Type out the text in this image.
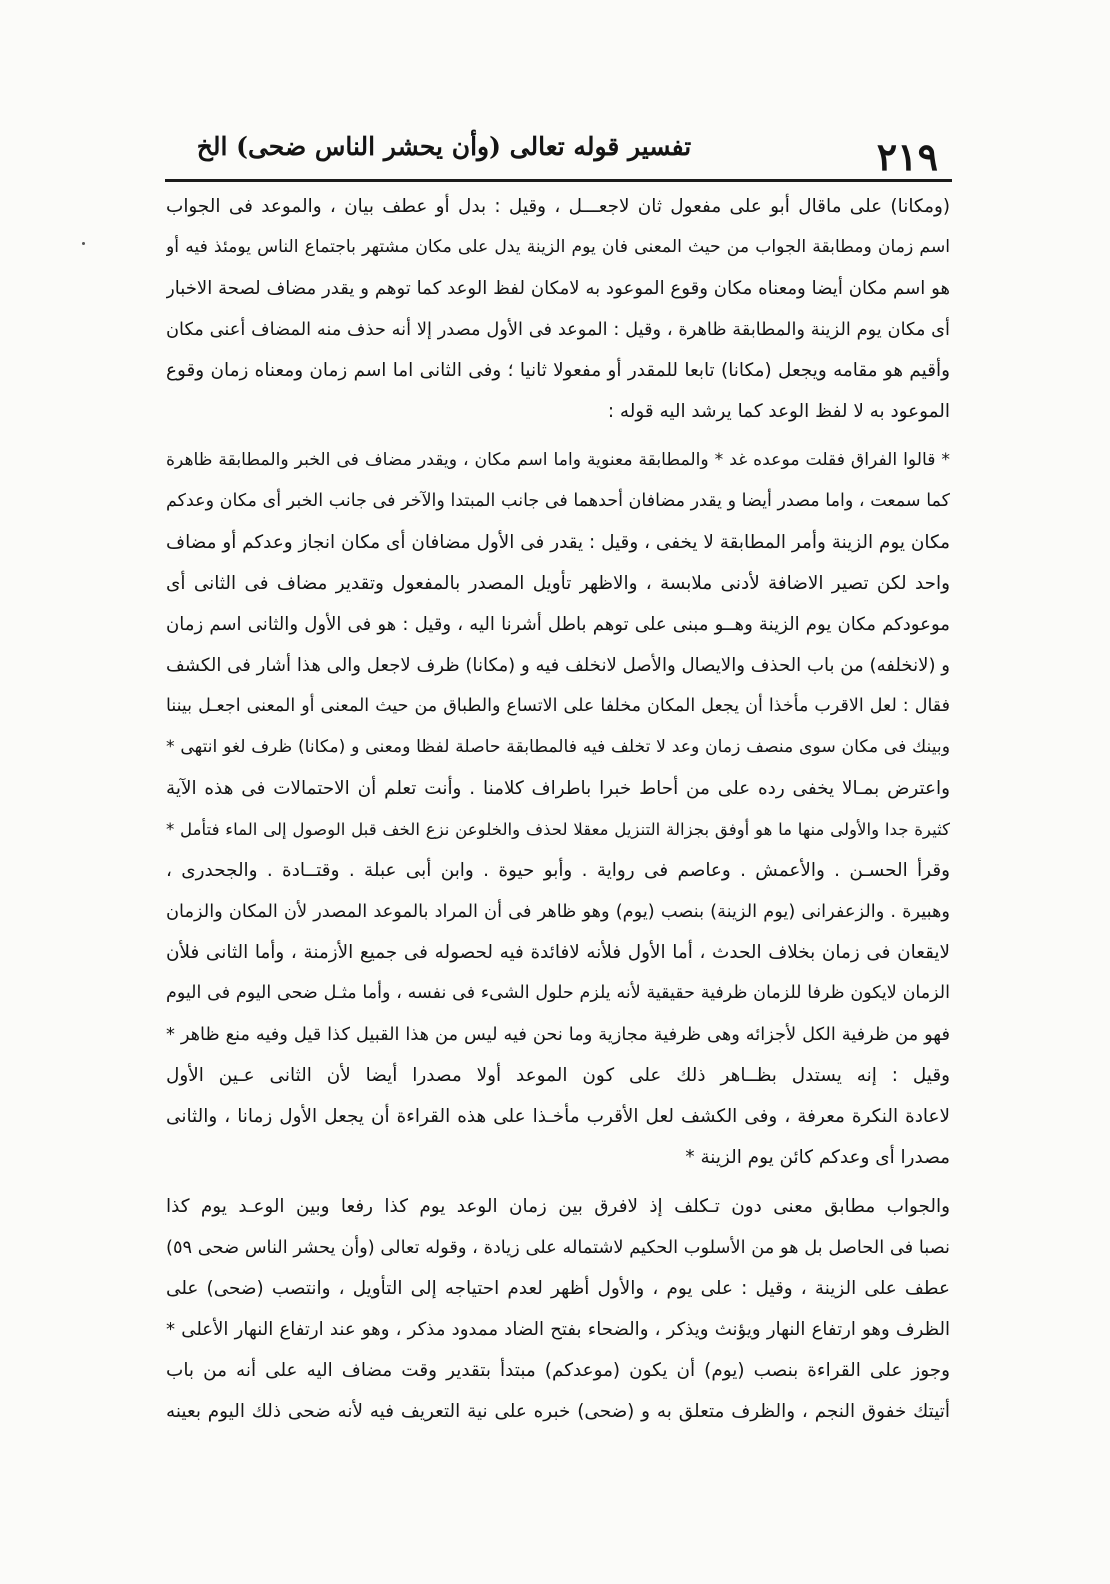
٢١٩
تفسير قوله تعالى (وأن يحشر الناس ضحى) الخ
(ومكانا) على ماقال أبو على مفعول ثان لاجعـــل ، وقيل : بدل أو عطف بيان ، والموعد فى الجواب
اسم زمان ومطابقة الجواب من حيث المعنى فان يوم الزينة يدل على مكان مشتهر باجتماع الناس يومئذ فيه أو
هو اسم مكان أيضا ومعناه مكان وقوع الموعود به لامكان لفظ الوعد كما توهم و يقدر مضاف لصحة الاخبار
أى مكان يوم الزينة والمطابقة ظاهرة ، وقيل : الموعد فى الأول مصدر إلا أنه حذف منه المضاف أعنى مكان
وأقيم هو مقامه ويجعل (مكانا) تابعا للمقدر أو مفعولا ثانيا ؛ وفى الثانى اما اسم زمان ومعناه زمان وقوع
الموعود به لا لفظ الوعد كما يرشد اليه قوله :
* قالوا الفراق فقلت موعده غد * والمطابقة معنوية واما اسم مكان ، ويقدر مضاف فى الخبر والمطابقة ظاهرة
كما سمعت ، واما مصدر أيضا و يقدر مضافان أحدهما فى جانب المبتدا والآخر فى جانب الخبر أى مكان وعدكم
مكان يوم الزينة وأمر المطابقة لا يخفى ، وقيل : يقدر فى الأول مضافان أى مكان انجاز وعدكم أو مضاف
واحد لكن تصير الاضافة لأدنى ملابسة ، والاظهر تأويل المصدر بالمفعول وتقدير مضاف فى الثانى أى
موعودكم مكان يوم الزينة وهــو مبنى على توهم باطل أشرنا اليه ، وقيل : هو فى الأول والثانى اسم زمان
و (لانخلفه) من باب الحذف والايصال والأصل لانخلف فيه و (مكانا) ظرف لاجعل والى هذا أشار فى الكشف
فقال : لعل الاقرب مأخذا أن يجعل المكان مخلفا على الاتساع والطباق من حيث المعنى أو المعنى اجعـل بيننا
وبينك فى مكان سوى منصف زمان وعد لا تخلف فيه فالمطابقة حاصلة لفظا ومعنى و (مكانا) ظرف لغو انتهى *
واعترض بمـالا يخفى رده على من أحاط خبرا باطراف كلامنا . وأنت تعلم أن الاحتمالات فى هذه الآية
كثيرة جدا والأولى منها ما هو أوفق بجزالة التنزيل معقلا لحذف والخلوعن نزع الخف قبل الوصول إلى الماء فتأمل *
وقرأ الحسـن . والأعمش . وعاصم فى رواية . وأبو حيوة . وابن أبى عبلة . وقتــادة . والجحدرى ،
وهبيرة . والزعفرانى (يوم الزينة) بنصب (يوم) وهو ظاهر فى أن المراد بالموعد المصدر لأن المكان والزمان
لايقعان فى زمان بخلاف الحدث ، أما الأول فلأنه لافائدة فيه لحصوله فى جميع الأزمنة ، وأما الثانى فلأن
الزمان لايكون ظرفا للزمان ظرفية حقيقية لأنه يلزم حلول الشىء فى نفسه ، وأما مثـل ضحى اليوم فى اليوم
فهو من ظرفية الكل لأجزائه وهى ظرفية مجازية وما نحن فيه ليس من هذا القبيل كذا قيل وفيه منع ظاهر *
وقيل : إنه يستدل بظــاهر ذلك على كون الموعد أولا مصدرا أيضا لأن الثانى عـين الأول
لاعادة النكرة معرفة ، وفى الكشف لعل الأقرب مأخـذا على هذه القراءة أن يجعل الأول زمانا ، والثانى
مصدرا أى وعدكم كائن يوم الزينة *
والجواب مطابق معنى دون تـكلف إذ لافرق بين زمان الوعد يوم كذا رفعا وبين الوعـد يوم كذا
نصبا فى الحاصل بل هو من الأسلوب الحكيم لاشتماله على زيادة ، وقوله تعالى (وأن يحشر الناس ضحى ٥٩)
عطف على الزينة ، وقيل : على يوم ، والأول أظهر لعدم احتياجه إلى التأويل ، وانتصب (ضحى) على
الظرف وهو ارتفاع النهار ويؤنث ويذكر ، والضحاء بفتح الضاد ممدود مذكر ، وهو عند ارتفاع النهار الأعلى *
وجوز على القراءة بنصب (يوم) أن يكون (موعدكم) مبتدأ بتقدير وقت مضاف اليه على أنه من باب
أتيتك خفوق النجم ، والظرف متعلق به و (ضحى) خبره على نية التعريف فيه لأنه ضحى ذلك اليوم بعينه
